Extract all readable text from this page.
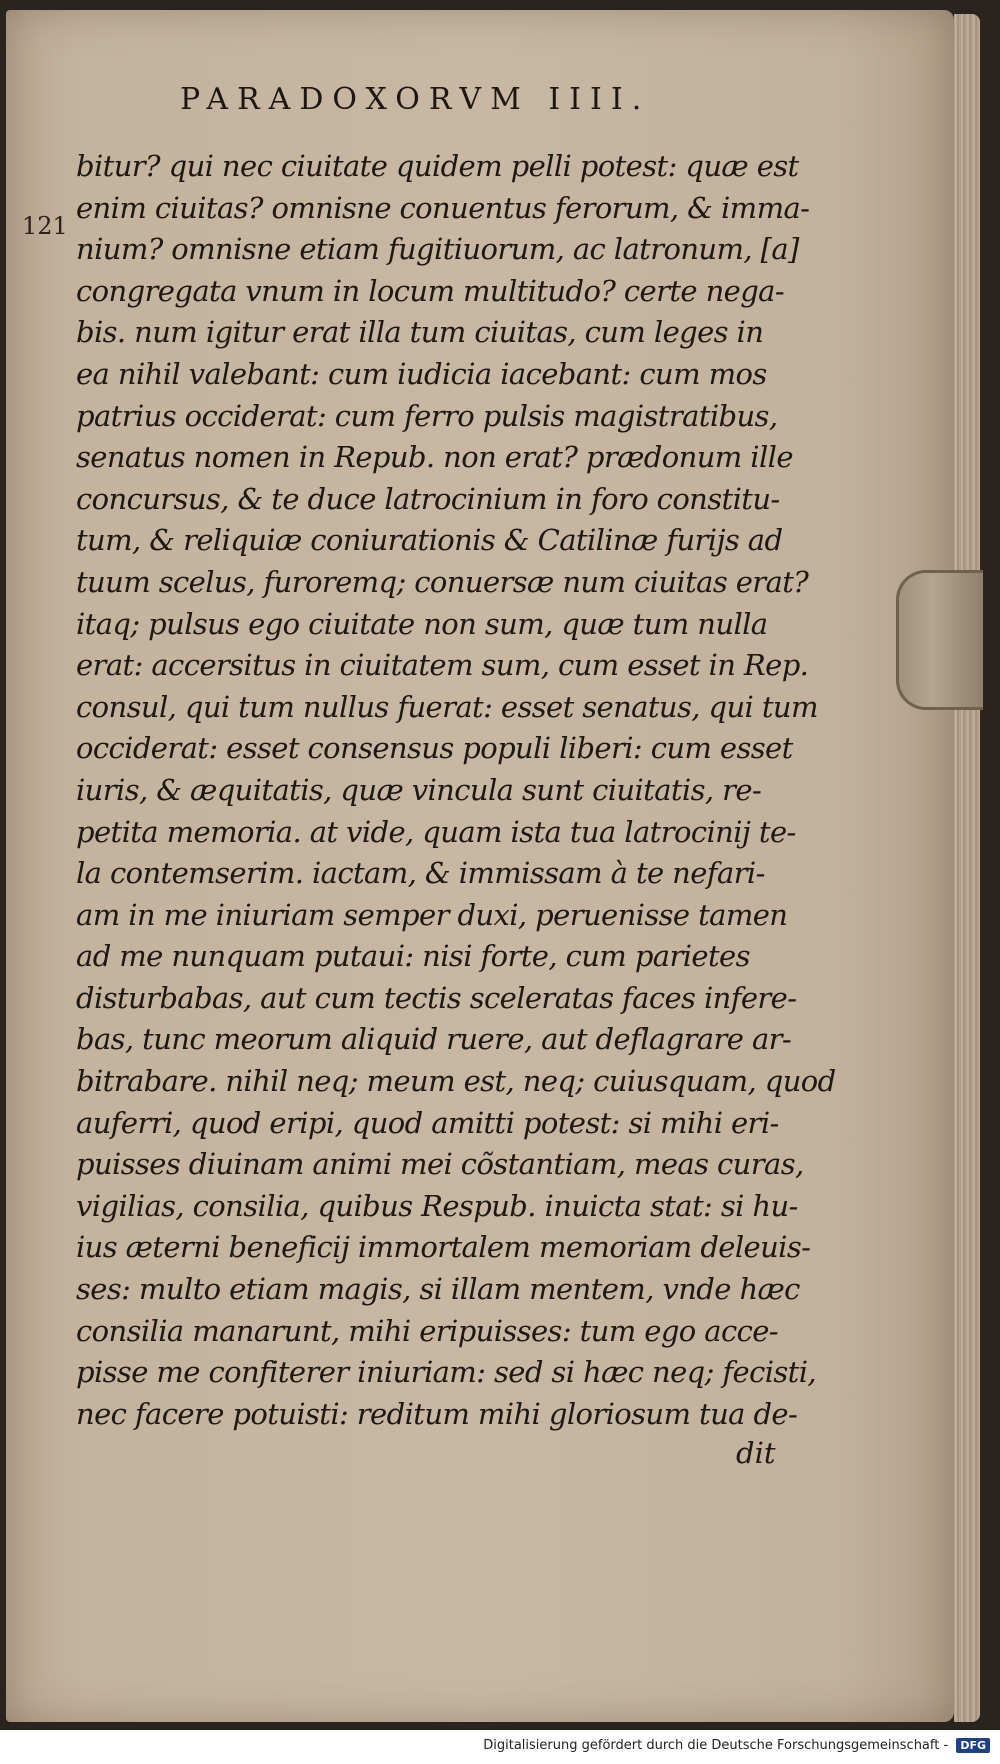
PARADOXORVM IIII.
121
bitur? qui nec ciuitate quidem pelli potest: quæ est
enim ciuitas? omnisne conuentus ferorum, & imma-
nium? omnisne etiam fugitiuorum, ac latronum, [a]
congregata vnum in locum multitudo? certe nega-
bis. num igitur erat illa tum ciuitas, cum leges in
ea nihil valebant: cum iudicia iacebant: cum mos
patrius occiderat: cum ferro pulsis magistratibus,
senatus nomen in Repub. non erat? prædonum ille
concursus, & te duce latrocinium in foro constitu-
tum, & reliquiæ coniurationis & Catilinæ furijs ad
tuum scelus, furoremq; conuersæ num ciuitas erat?
itaq; pulsus ego ciuitate non sum, quæ tum nulla
erat: accersitus in ciuitatem sum, cum esset in Rep.
consul, qui tum nullus fuerat: esset senatus, qui tum
occiderat: esset consensus populi liberi: cum esset
iuris, & æquitatis, quæ vincula sunt ciuitatis, re-
petita memoria. at vide, quam ista tua latrocinij te-
la contemserim. iactam, & immissam à te nefari-
am in me iniuriam semper duxi, peruenisse tamen
ad me nunquam putaui: nisi forte, cum parietes
disturbabas, aut cum tectis sceleratas faces infere-
bas, tunc meorum aliquid ruere, aut deflagrare ar-
bitrabare. nihil neq; meum est, neq; cuiusquam, quod
auferri, quod eripi, quod amitti potest: si mihi eri-
puisses diuinam animi mei cõstantiam, meas curas,
vigilias, consilia, quibus Respub. inuicta stat: si hu-
ius æterni beneficij immortalem memoriam deleuis-
ses: multo etiam magis, si illam mentem, vnde hæc
consilia manarunt, mihi eripuisses: tum ego acce-
pisse me confiterer iniuriam: sed si hæc neq; fecisti,
nec facere potuisti: reditum mihi gloriosum tua de-
dit
Digitalisierung gefördert durch die Deutsche Forschungsgemeinschaft - DFG
